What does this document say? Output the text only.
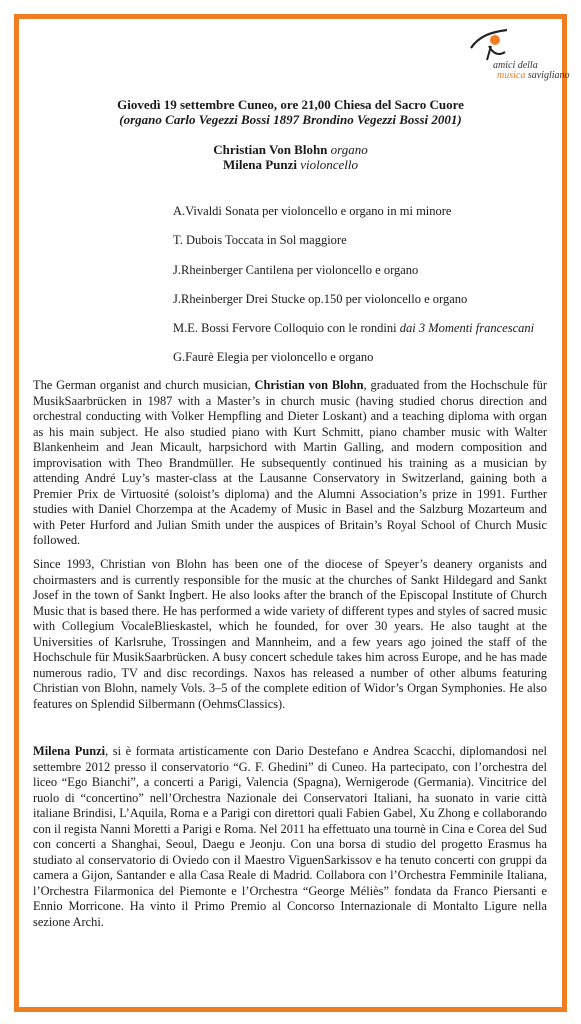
amici della
musica savigliano
Giovedì 19 settembre Cuneo, ore 21,00 Chiesa del Sacro Cuore
(organo Carlo Vegezzi Bossi 1897 Brondino Vegezzi Bossi 2001)
Christian Von Blohn organo
Milena Punzi violoncello
A.Vivaldi Sonata per violoncello e organo in mi minore
T. Dubois Toccata in Sol maggiore
J.Rheinberger Cantilena per violoncello e organo
J.Rheinberger Drei Stucke op.150 per violoncello e organo
M.E. Bossi Fervore Colloquio con le rondini dai 3 Momenti francescani
G.Faurè Elegia per violoncello e organo
The German organist and church musician, Christian von Blohn, graduated from the Hochschule für MusikSaarbrücken in 1987 with a Master’s in church music (having studied chorus direction and orchestral conducting with Volker Hempfling and Dieter Loskant) and a teaching diploma with organ as his main subject. He also studied piano with Kurt Schmitt, piano chamber music with Walter Blankenheim and Jean Micault, harpsichord with Martin Galling, and modern composition and improvisation with Theo Brandmüller. He subsequently continued his training as a musician by attending André Luy’s master-class at the Lausanne Conservatory in Switzerland, gaining both a Premier Prix de Virtuosité (soloist’s diploma) and the Alumni Association’s prize in 1991. Further studies with Daniel Chorzempa at the Academy of Music in Basel and the Salzburg Mozarteum and with Peter Hurford and Julian Smith under the auspices of Britain’s Royal School of Church Music followed.
Since 1993, Christian von Blohn has been one of the diocese of Speyer’s deanery organists and choirmasters and is currently responsible for the music at the churches of Sankt Hildegard and Sankt Josef in the town of Sankt Ingbert. He also looks after the branch of the Episcopal Institute of Church Music that is based there. He has performed a wide variety of different types and styles of sacred music with Collegium VocaleBlieskastel, which he founded, for over 30 years. He also taught at the Universities of Karlsruhe, Trossingen and Mannheim, and a few years ago joined the staff of the Hochschule für MusikSaarbrücken. A busy concert schedule takes him across Europe, and he has made numerous radio, TV and disc recordings. Naxos has released a number of other albums featuring Christian von Blohn, namely Vols. 3–5 of the complete edition of Widor’s Organ Symphonies. He also features on Splendid Silbermann (OehmsClassics).
Milena Punzi, si è formata artisticamente con Dario Destefano e Andrea Scacchi, diplomandosi nel settembre 2012 presso il conservatorio “G. F. Ghedini” di Cuneo. Ha partecipato, con l’orchestra del liceo “Ego Bianchi”, a concerti a Parigi, Valencia (Spagna), Wernigerode (Germania). Vincitrice del ruolo di “concertino” nell’Orchestra Nazionale dei Conservatori Italiani, ha suonato in varie città italiane Brindisi, L’Aquila, Roma e a Parigi con direttori quali Fabien Gabel, Xu Zhong e collaborando con il regista Nanni Moretti a Parigi e Roma. Nel 2011 ha effettuato una tournè in Cina e Corea del Sud con concerti a Shanghai, Seoul, Daegu e Jeonju. Con una borsa di studio del progetto Erasmus ha studiato al conservatorio di Oviedo con il Maestro ViguenSarkissov e ha tenuto concerti con gruppi da camera a Gijon, Santander e alla Casa Reale di Madrid. Collabora con l’Orchestra Femminile Italiana, l’Orchestra Filarmonica del Piemonte e l’Orchestra “George Méliès” fondata da Franco Piersanti e Ennio Morricone. Ha vinto il Primo Premio al Concorso Internazionale di Montalto Ligure nella sezione Archi.
